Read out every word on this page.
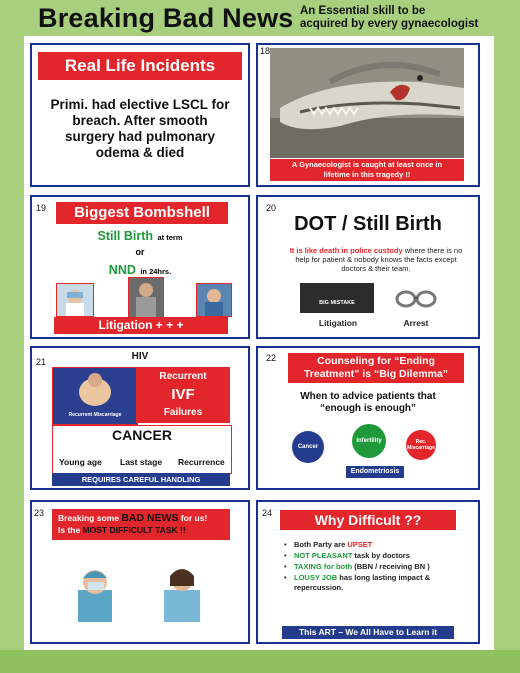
Breaking Bad News An Essential skill to be
acquired by every gynaecologist
Real Life Incidents
Primi. had elective LSCL for
breach. After smooth
surgery had pulmonary
odema & died
18
A Gynaecologist is caught at least once in
lifetime in this tragedy !!
19	Biggest Bombshell
Still Birth at term
or
NND in 24hrs.
Litigation + + +
20
DOT / Still Birth
It is like death in police custody where there is no help for patient & nobody knows the facts except doctors & their team.
BIG MISTAKE
Litigation	Arrest
21	HIV
Recurrent Miscarriage
Recurrent
IVF
Failures
CANCER
Young age Last stage Recurrence
REQUIRES CAREFUL HANDLING
22	Counseling for “Ending
Treatment” is “Big Dilemma”
When to advice patients that
“enough is enough”
Cancer
Infertility	Rec.
Miscarriage
Endometriosis
23 Breaking some BAD NEWS for us!
Is the MOST DIFFICULT TASK !!
24	Why Difficult ??
• Both Party are UPSET
• NOT PLEASANT task by doctors
• TAXING for both (BBN / receiving BN )
• LOUSY JOB has long lasting impact &
repercussion.
This ART – We All Have to Learn it
